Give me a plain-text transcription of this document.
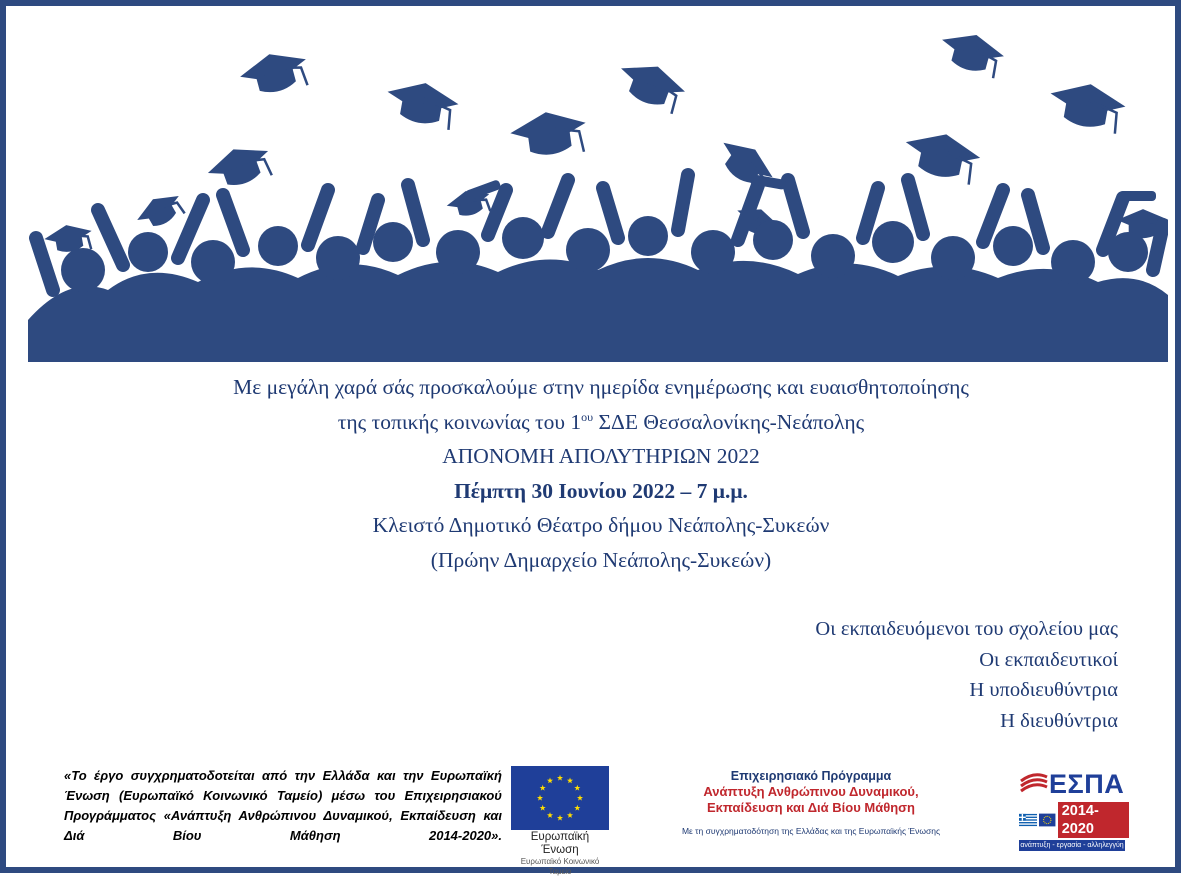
Με μεγάλη χαρά σάς προσκαλούμε στην ημερίδα ενημέρωσης και ευαισθητοποίησης
της τοπικής κοινωνίας του $1^{o\upsilon}$ ΣΔΕ Θεσσαλονίκης-Νεάπολης
ΑΠΟΝΟΜΗ ΑΠΟΛΥΤΗΡΙΩΝ 2022
Πέμπτη 30 Ιουνίου 2022 – 7 μ.μ.
Κλειστό Δημοτικό Θέατρο δήμου Νεάπολης-Συκεών
(Πρώην Δημαρχείο Νεάπολης-Συκεών)
Οι εκπαιδευόμενοι του σχολείου μας
Οι εκπαιδευτικοί
Η υποδιευθύντρια
Η διευθύντρια
«Το έργο συγχρηματοδοτείται από την Ελλάδα και την Ευρωπαϊκή Ένωση (Ευρωπαϊκό Κοινωνικό Ταμείο) μέσω του Επιχειρησιακού Προγράμματος «Ανάπτυξη Ανθρώπινου Δυναμικού, Εκπαίδευση και Διά Βίου Μάθηση 2014-2020».	Ευρωπαϊκή Ένωση
Ευρωπαϊκό Κοινωνικό Ταμείο
Επιχειρησιακό Πρόγραμμα
Ανάπτυξη Ανθρώπινου Δυναμικού,
Εκπαίδευση και Διά Βίου Μάθηση
Με τη συγχρηματοδότηση της Ελλάδας και της Ευρωπαϊκής Ένωσης
ΕΣΠΑ
2014-2020
ανάπτυξη - εργασία - αλληλεγγύη
